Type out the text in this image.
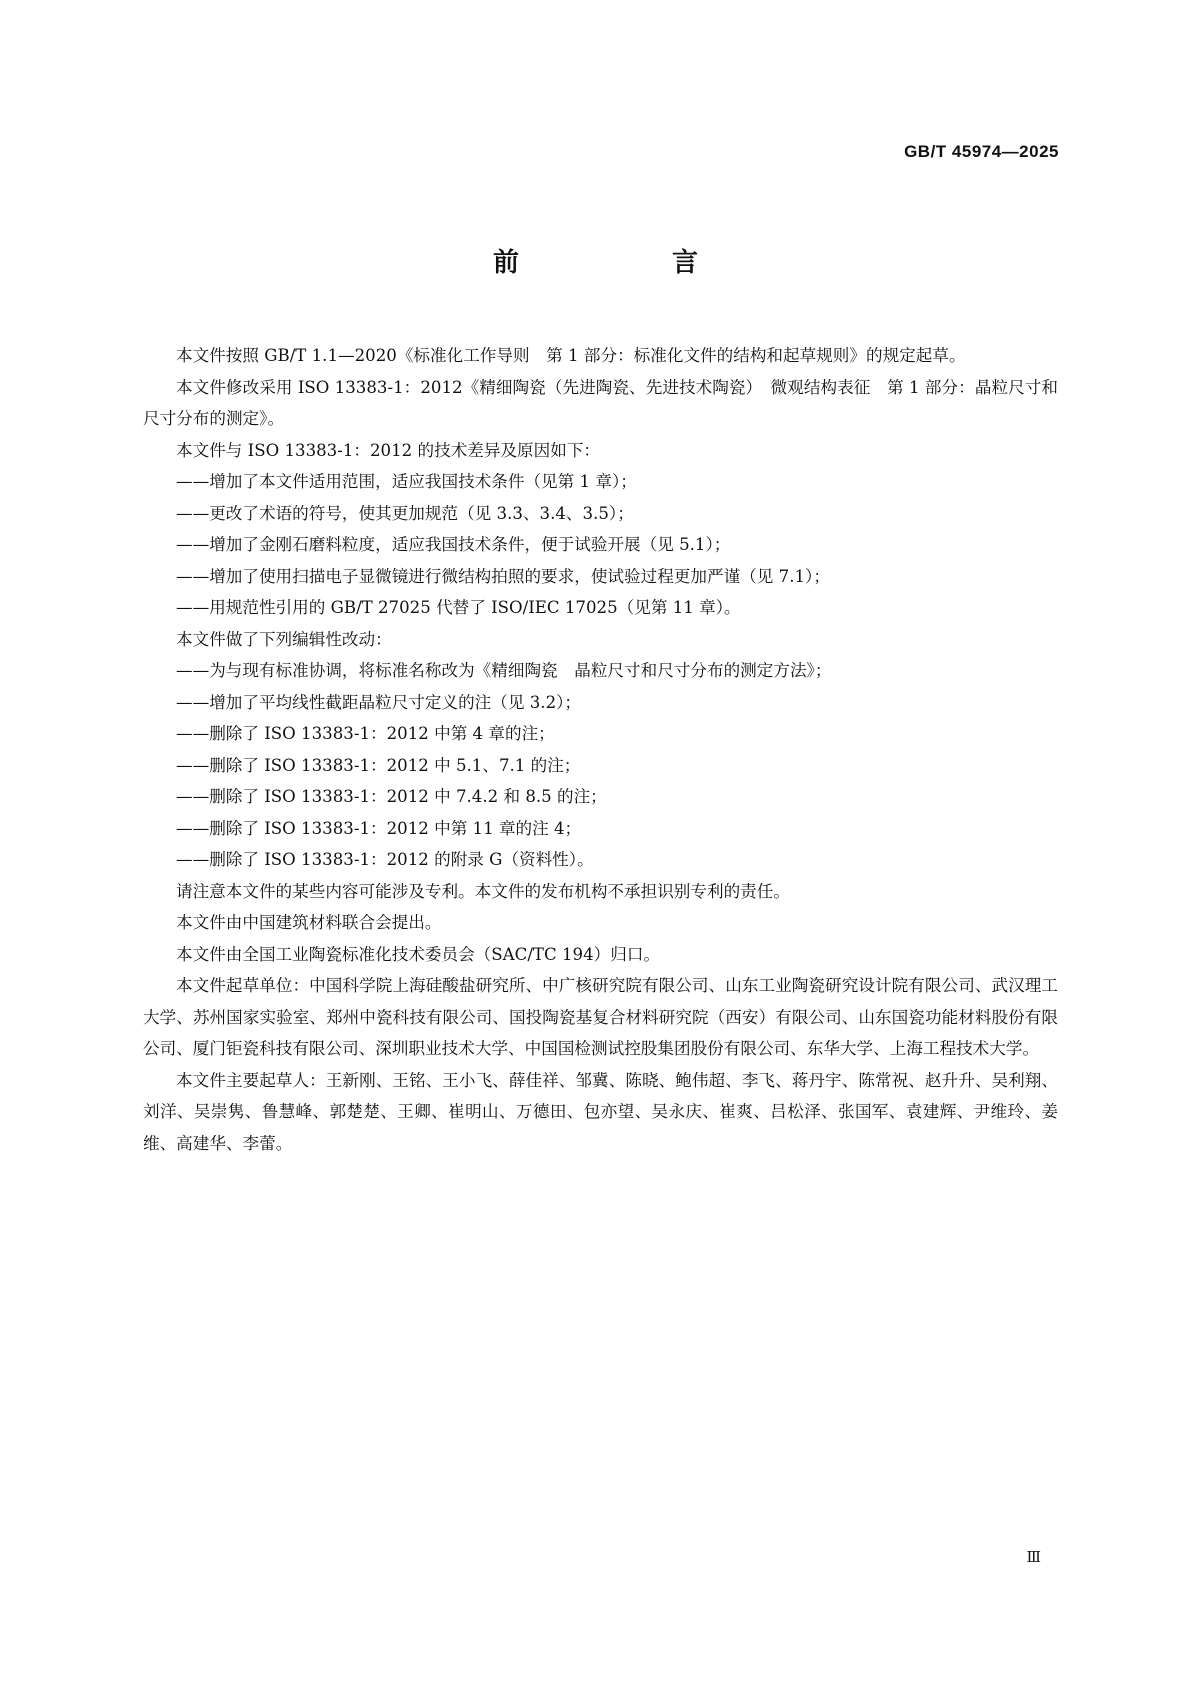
GB/T 45974—2025
前 言

本文件按照 GB/T 1.1—2020《标准化工作导则　第 1 部分：标准化文件的结构和起草规则》的规定起草。

本文件修改采用 ISO 13383-1：2012《精细陶瓷（先进陶瓷、先进技术陶瓷）　微观结构表征　第 1 部分：晶粒尺寸和尺寸分布的测定》。

本文件与 ISO 13383-1：2012 的技术差异及原因如下：

——增加了本文件适用范围，适应我国技术条件（见第 1 章）；

——更改了术语的符号，使其更加规范（见 3.3、3.4、3.5）；

——增加了金刚石磨料粒度，适应我国技术条件，便于试验开展（见 5.1）；

——增加了使用扫描电子显微镜进行微结构拍照的要求，使试验过程更加严谨（见 7.1）；

——用规范性引用的 GB/T 27025 代替了 ISO/IEC 17025（见第 11 章）。

本文件做了下列编辑性改动：

——为与现有标准协调，将标准名称改为《精细陶瓷　晶粒尺寸和尺寸分布的测定方法》；

——增加了平均线性截距晶粒尺寸定义的注（见 3.2）；

——删除了 ISO 13383-1：2012 中第 4 章的注；

——删除了 ISO 13383-1：2012 中 5.1、7.1 的注；

——删除了 ISO 13383-1：2012 中 7.4.2 和 8.5 的注；

——删除了 ISO 13383-1：2012 中第 11 章的注 4；

——删除了 ISO 13383-1：2012 的附录 G（资料性）。

请注意本文件的某些内容可能涉及专利。本文件的发布机构不承担识别专利的责任。

本文件由中国建筑材料联合会提出。

本文件由全国工业陶瓷标准化技术委员会（SAC/TC 194）归口。

本文件起草单位：中国科学院上海硅酸盐研究所、中广核研究院有限公司、山东工业陶瓷研究设计院有限公司、武汉理工大学、苏州国家实验室、郑州中瓷科技有限公司、国投陶瓷基复合材料研究院（西安）有限公司、山东国瓷功能材料股份有限公司、厦门钜瓷科技有限公司、深圳职业技术大学、中国国检测试控股集团股份有限公司、东华大学、上海工程技术大学。

本文件主要起草人：王新刚、王铭、王小飞、薛佳祥、邹冀、陈晓、鲍伟超、李飞、蒋丹宇、陈常祝、赵升升、吴利翔、刘洋、吴崇隽、鲁慧峰、郭楚楚、王卿、崔明山、万德田、包亦望、吴永庆、崔爽、吕松泽、张国军、袁建辉、尹维玲、姜维、高建华、李蕾。

Ⅲ
